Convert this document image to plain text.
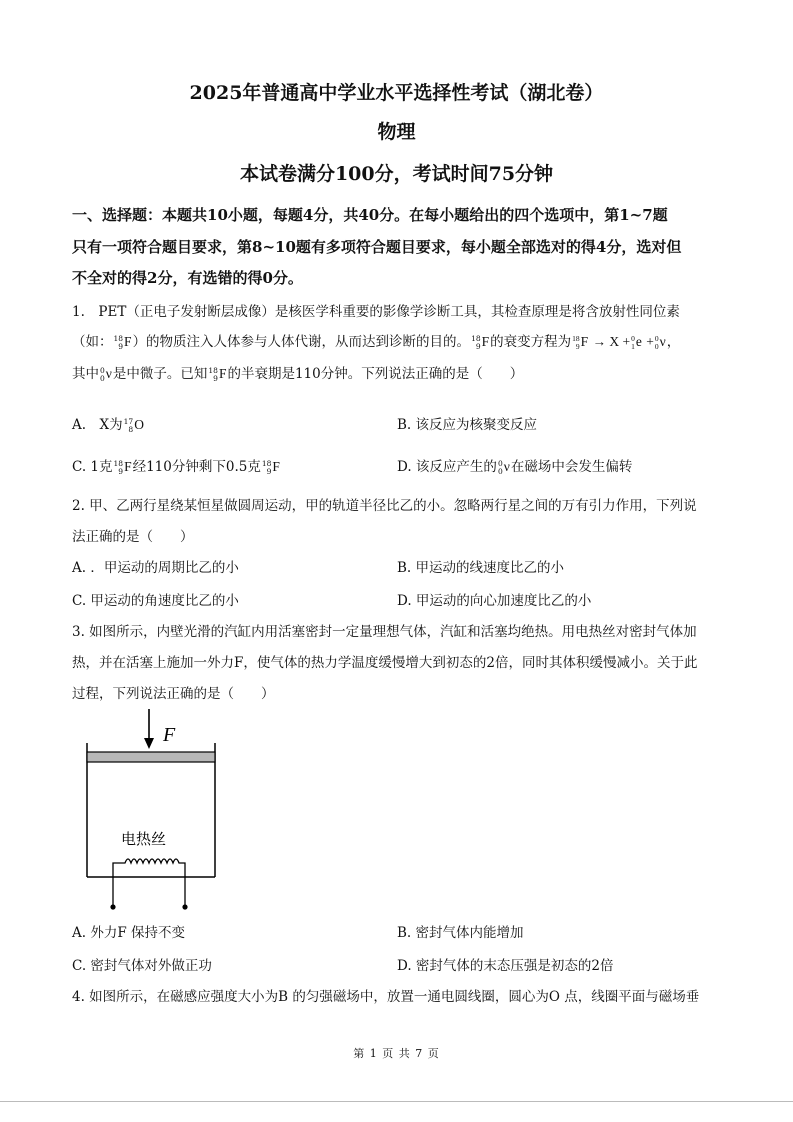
2025年普通高中学业水平选择性考试（湖北卷）
物理
本试卷满分100分，考试时间75分钟
一、选择题：本题共10小题，每题4分，共40分。在每小题给出的四个选项中，第1~7题
只有一项符合题目要求，第8~10题有多项符合题目要求，每小题全部选对的得4分，选对但
不全对的得2分，有选错的得0分。
1.　PET（正电子发射断层成像）是核医学科重要的影像学诊断工具，其检查原理是将含放射性同位素
（如： 18
9 F）的物质注入人体参与人体代谢，从而达到诊断的目的。 18
9 F的衰变方程为 18
9 F → X + 0
1 e + 0
0 ν，
其中 0
0 ν是中微子。已知 18
9 F的半衰期是110分钟。下列说法正确的是（　　）
A.　X为 17
8 O	B. 该反应为核聚变反应
C. 1克 18
9 F经110分钟剩下0.5克 18
9 F	D. 该反应产生的 0
0 ν在磁场中会发生偏转
2. 甲、乙两行星绕某恒星做圆周运动，甲的轨道半径比乙的小。忽略两行星之间的万有引力作用，下列说
法正确的是（　　）
A. ．甲运动的周期比乙的小	B. 甲运动的线速度比乙的小
C. 甲运动的角速度比乙的小	D. 甲运动的向心加速度比乙的小
3. 如图所示，内壁光滑的汽缸内用活塞密封一定量理想气体，汽缸和活塞均绝热。用电热丝对密封气体加
热，并在活塞上施加一外力F，使气体的热力学温度缓慢增大到初态的2倍，同时其体积缓慢减小。关于此
过程，下列说法正确的是（　　）
F
电热丝
A. 外力F 保持不变	B. 密封气体内能增加
C. 密封气体对外做正功	D. 密封气体的末态压强是初态的2倍
4. 如图所示，在磁感应强度大小为B 的匀强磁场中，放置一通电圆线圈，圆心为O 点，线圈平面与磁场垂
第 1 页 共 7 页
